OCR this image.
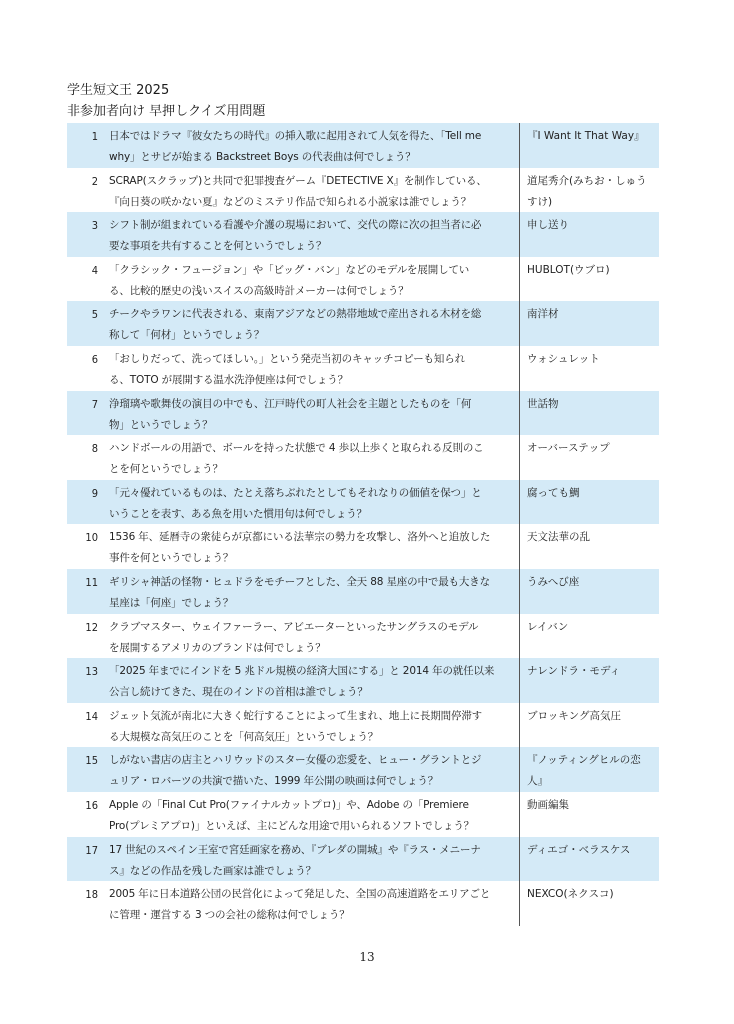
学生短文王 2025
非参加者向け 早押しクイズ用問題
1 日本ではドラマ『彼女たちの時代』の挿入歌に起用されて人気を得た、「Tell me
why」とサビが始まる Backstreet Boys の代表曲は何でしょう？
『I Want It That Way』
2 SCRAP(スクラップ)と共同で犯罪捜査ゲーム『DETECTIVE X』を制作している、
『向日葵の咲かない夏』などのミステリ作品で知られる小説家は誰でしょう？
道尾秀介(みちお・しゅうすけ)
3 シフト制が組まれている看護や介護の現場において、交代の際に次の担当者に必
要な事項を共有することを何というでしょう？
申し送り
4 「クラシック・フュージョン」や「ビッグ・バン」などのモデルを展開してい
る、比較的歴史の浅いスイスの高級時計メーカーは何でしょう？
HUBLOT(ウブロ)
5 チークやラワンに代表される、東南アジアなどの熱帯地域で産出される木材を総
称して「何材」というでしょう？
南洋材
6 「おしりだって、洗ってほしい。」という発売当初のキャッチコピーも知られ
る、TOTO が展開する温水洗浄便座は何でしょう？
ウォシュレット
7 浄瑠璃や歌舞伎の演目の中でも、江戸時代の町人社会を主題としたものを「何
物」というでしょう？
世話物
8 ハンドボールの用語で、ボールを持った状態で 4 歩以上歩くと取られる反則のこ
とを何というでしょう？
オーバーステップ
9 「元々優れているものは、たとえ落ちぶれたとしてもそれなりの価値を保つ」と
いうことを表す、ある魚を用いた慣用句は何でしょう？
腐っても鯛
10 1536 年、延暦寺の衆徒らが京都にいる法華宗の勢力を攻撃し、洛外へと追放した
事件を何というでしょう？
天文法華の乱
11 ギリシャ神話の怪物・ヒュドラをモチーフとした、全天 88 星座の中で最も大きな
星座は「何座」でしょう？
うみへび座
12 クラブマスター、ウェイファーラー、アビエーターといったサングラスのモデル
を展開するアメリカのブランドは何でしょう？
レイバン
13 「2025 年までにインドを 5 兆ドル規模の経済大国にする」と 2014 年の就任以来
公言し続けてきた、現在のインドの首相は誰でしょう？
ナレンドラ・モディ
14 ジェット気流が南北に大きく蛇行することによって生まれ、地上に長期間停滞す
る大規模な高気圧のことを「何高気圧」というでしょう？
ブロッキング高気圧
15 しがない書店の店主とハリウッドのスター女優の恋愛を、ヒュー・グラントとジ
ュリア・ロバーツの共演で描いた、1999 年公開の映画は何でしょう？
『ノッティングヒルの恋人』
16 Apple の「Final Cut Pro(ファイナルカットプロ)」や、Adobe の「Premiere
Pro(プレミアプロ)」といえば、主にどんな用途で用いられるソフトでしょう？
動画編集
17 17 世紀のスペイン王室で宮廷画家を務め、『ブレダの開城』や『ラス・メニーナ
ス』などの作品を残した画家は誰でしょう？
ディエゴ・ベラスケス
18 2005 年に日本道路公団の民営化によって発足した、全国の高速道路をエリアごと
に管理・運営する 3 つの会社の総称は何でしょう？
NEXCO(ネクスコ)
13
